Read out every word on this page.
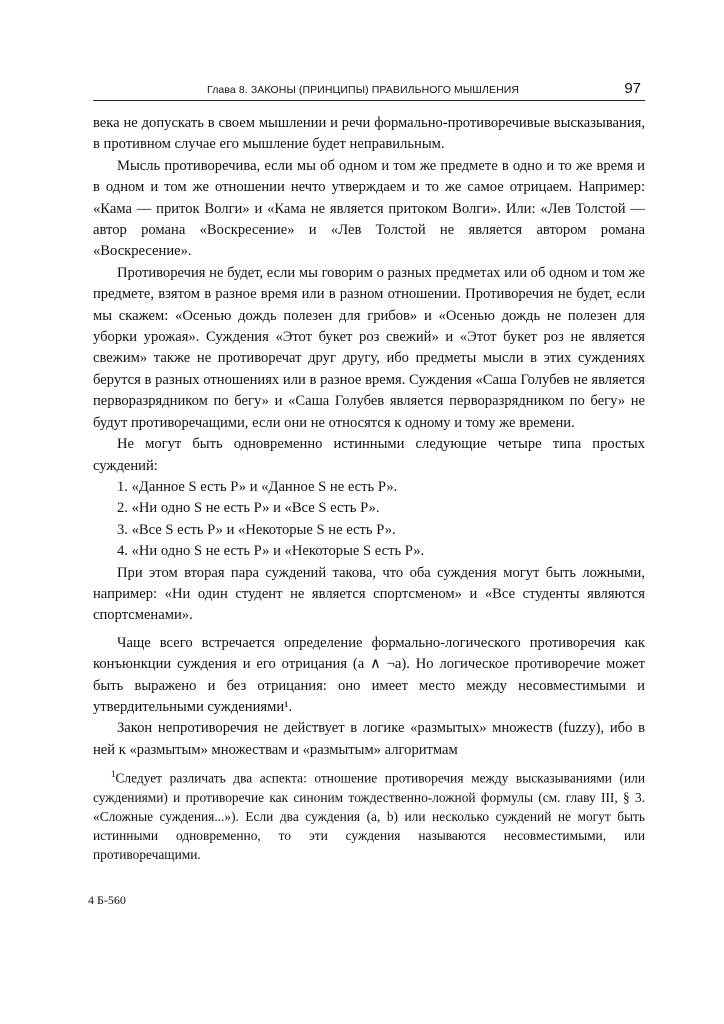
Глава 8. ЗАКОНЫ (ПРИНЦИПЫ) ПРАВИЛЬНОГО МЫШЛЕНИЯ	97

века не допускать в своем мышлении и речи формально-противоречивые высказывания, в противном случае его мышление будет неправильным.

Мысль противоречива, если мы об одном и том же предмете в одно и то же время и в одном и том же отношении нечто утверждаем и то же самое отрицаем. Например: «Кама — приток Волги» и «Кама не является притоком Волги». Или: «Лев Толстой — автор романа «Воскресение» и «Лев Толстой не является автором романа «Воскресение».

Противоречия не будет, если мы говорим о разных предметах или об одном и том же предмете, взятом в разное время или в разном отношении. Противоречия не будет, если мы скажем: «Осенью дождь полезен для грибов» и «Осенью дождь не полезен для уборки урожая». Суждения «Этот букет роз свежий» и «Этот букет роз не является свежим» также не противоречат друг другу, ибо предметы мысли в этих суждениях берутся в разных отношениях или в разное время. Суждения «Саша Голубев не является перворазрядником по бегу» и «Саша Голубев является перворазрядником по бегу» не будут противоречащими, если они не относятся к одному и тому же времени.

Не могут быть одновременно истинными следующие четыре типа простых суждений:

1. «Данное S есть Р» и «Данное S не есть Р».

2. «Ни одно S не есть Р» и «Все S есть Р».

3. «Все S есть Р» и «Некоторые S не есть Р».

4. «Ни одно S не есть Р» и «Некоторые S есть Р».

При этом вторая пара суждений такова, что оба суждения могут быть ложными, например: «Ни один студент не является спортсменом» и «Все студенты являются спортсменами».

Чаще всего встречается определение формально-логического противоречия как конъюнкции суждения и его отрицания (a ∧ ¬a). Но логическое противоречие может быть выражено и без отрицания: оно имеет место между несовместимыми и утвердительными суждениями¹.

Закон непротиворечия не действует в логике «размытых» множеств (fuzzy), ибо в ней к «размытым» множествам и «размытым» алгоритмам

$^1$Следует различать два аспекта: отношение противоречия между высказываниями (или суждениями) и противоречие как синоним тождественно-ложной формулы (см. главу III, § 3. «Сложные суждения...»). Если два суждения (a, b) или несколько суждений не могут быть истинными одновременно, то эти суждения называются несовместимыми, или противоречащими.

4 Б-560
